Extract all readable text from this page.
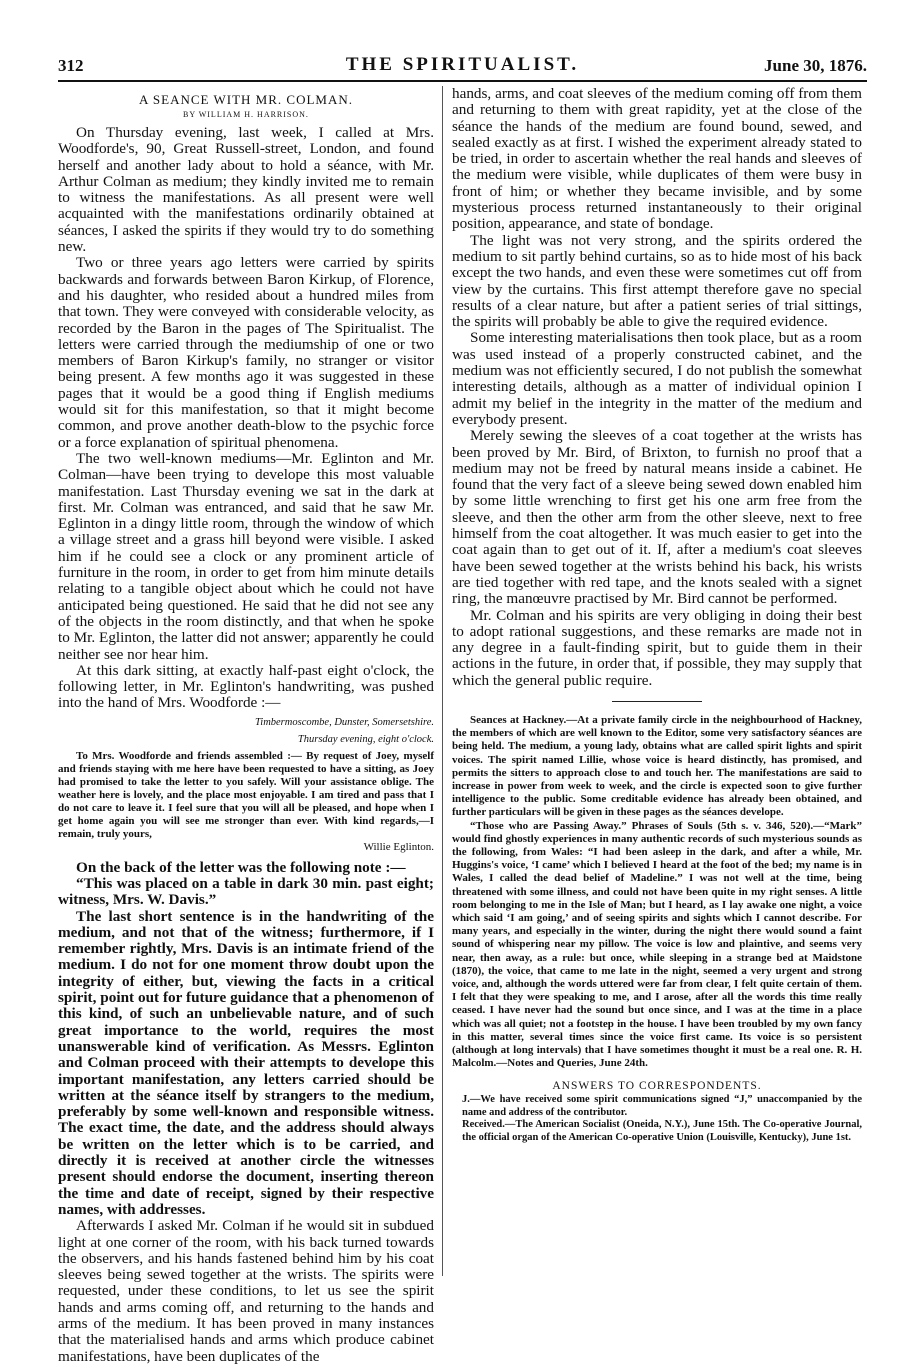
312	THE SPIRITUALIST.	June 30, 1876.
A SEANCE WITH MR. COLMAN.
BY WILLIAM H. HARRISON.

On Thursday evening, last week, I called at Mrs. Woodforde's, 90, Great Russell-street, London, and found herself and another lady about to hold a séance, with Mr. Arthur Colman as medium; they kindly invited me to remain to witness the manifestations. As all present were well acquainted with the manifestations ordinarily obtained at séances, I asked the spirits if they would try to do something new.

Two or three years ago letters were carried by spirits backwards and forwards between Baron Kirkup, of Florence, and his daughter, who resided about a hundred miles from that town. They were conveyed with considerable velocity, as recorded by the Baron in the pages of The Spiritualist. The letters were carried through the mediumship of one or two members of Baron Kirkup's family, no stranger or visitor being present. A few months ago it was suggested in these pages that it would be a good thing if English mediums would sit for this manifestation, so that it might become common, and prove another death-blow to the psychic force or a force explanation of spiritual phenomena.

The two well-known mediums—Mr. Eglinton and Mr. Colman—have been trying to develope this most valuable manifestation. Last Thursday evening we sat in the dark at first. Mr. Colman was entranced, and said that he saw Mr. Eglinton in a dingy little room, through the window of which a village street and a grass hill beyond were visible. I asked him if he could see a clock or any prominent article of furniture in the room, in order to get from him minute details relating to a tangible object about which he could not have anticipated being questioned. He said that he did not see any of the objects in the room distinctly, and that when he spoke to Mr. Eglinton, the latter did not answer; apparently he could neither see nor hear him.

At this dark sitting, at exactly half-past eight o'clock, the following letter, in Mr. Eglinton's handwriting, was pushed into the hand of Mrs. Woodforde :—

Timbermoscombe, Dunster, Somersetshire.

Thursday evening, eight o'clock.

To Mrs. Woodforde and friends assembled :— By request of Joey, myself and friends staying with me here have been requested to have a sitting, as Joey had promised to take the letter to you safely. Will your assistance oblige. The weather here is lovely, and the place most enjoyable. I am tired and pass that I do not care to leave it. I feel sure that you will all be pleased, and hope when I get home again you will see me stronger than ever. With kind regards,—I remain, truly yours,

Willie Eglinton.

On the back of the letter was the following note :—

“This was placed on a table in dark 30 min. past eight; witness, Mrs. W. Davis.”

The last short sentence is in the handwriting of the medium, and not that of the witness; furthermore, if I remember rightly, Mrs. Davis is an intimate friend of the medium. I do not for one moment throw doubt upon the integrity of either, but, viewing the facts in a critical spirit, point out for future guidance that a phenomenon of this kind, of such an unbelievable nature, and of such great importance to the world, requires the most unanswerable kind of verification. As Messrs. Eglinton and Colman proceed with their attempts to develope this important manifestation, any letters carried should be written at the séance itself by strangers to the medium, preferably by some well-known and responsible witness. The exact time, the date, and the address should always be written on the letter which is to be carried, and directly it is received at another circle the witnesses present should endorse the document, inserting thereon the time and date of receipt, signed by their respective names, with addresses.

Afterwards I asked Mr. Colman if he would sit in subdued light at one corner of the room, with his back turned towards the observers, and his hands fastened behind him by his coat sleeves being sewed together at the wrists. The spirits were requested, under these conditions, to let us see the spirit hands and arms coming off, and returning to the hands and arms of the medium. It has been proved in many instances that the materialised hands and arms which produce cabinet manifestations, have been duplicates of the

hands, arms, and coat sleeves of the medium coming off from them and returning to them with great rapidity, yet at the close of the séance the hands of the medium are found bound, sewed, and sealed exactly as at first. I wished the experiment already stated to be tried, in order to ascertain whether the real hands and sleeves of the medium were visible, while duplicates of them were busy in front of him; or whether they became invisible, and by some mysterious process returned instantaneously to their original position, appearance, and state of bondage.

The light was not very strong, and the spirits ordered the medium to sit partly behind curtains, so as to hide most of his back except the two hands, and even these were sometimes cut off from view by the curtains. This first attempt therefore gave no special results of a clear nature, but after a patient series of trial sittings, the spirits will probably be able to give the required evidence.

Some interesting materialisations then took place, but as a room was used instead of a properly constructed cabinet, and the medium was not efficiently secured, I do not publish the somewhat interesting details, although as a matter of individual opinion I admit my belief in the integrity in the matter of the medium and everybody present.

Merely sewing the sleeves of a coat together at the wrists has been proved by Mr. Bird, of Brixton, to furnish no proof that a medium may not be freed by natural means inside a cabinet. He found that the very fact of a sleeve being sewed down enabled him by some little wrenching to first get his one arm free from the sleeve, and then the other arm from the other sleeve, next to free himself from the coat altogether. It was much easier to get into the coat again than to get out of it. If, after a medium's coat sleeves have been sewed together at the wrists behind his back, his wrists are tied together with red tape, and the knots sealed with a signet ring, the manœuvre practised by Mr. Bird cannot be performed.

Mr. Colman and his spirits are very obliging in doing their best to adopt rational suggestions, and these remarks are made not in any degree in a fault-finding spirit, but to guide them in their actions in the future, in order that, if possible, they may supply that which the general public require.

Seances at Hackney.—At a private family circle in the neighbourhood of Hackney, the members of which are well known to the Editor, some very satisfactory séances are being held. The medium, a young lady, obtains what are called spirit lights and spirit voices. The spirit named Lillie, whose voice is heard distinctly, has promised, and permits the sitters to approach close to and touch her. The manifestations are said to increase in power from week to week, and the circle is expected soon to give further intelligence to the public. Some creditable evidence has already been obtained, and further particulars will be given in these pages as the séances develope.

“Those who are Passing Away.” Phrases of Souls (5th s. v. 346, 520).—“Mark” would find ghostly experiences in many authentic records of such mysterious sounds as the following, from Wales: “I had been asleep in the dark, and after a while, Mr. Huggins's voice, ‘I came’ which I believed I heard at the foot of the bed; my name is in Wales, I called the dead belief of Madeline.” I was not well at the time, being threatened with some illness, and could not have been quite in my right senses. A little room belonging to me in the Isle of Man; but I heard, as I lay awake one night, a voice which said ‘I am going,’ and of seeing spirits and sights which I cannot describe. For many years, and especially in the winter, during the night there would sound a faint sound of whispering near my pillow. The voice is low and plaintive, and seems very near, then away, as a rule: but once, while sleeping in a strange bed at Maidstone (1870), the voice, that came to me late in the night, seemed a very urgent and strong voice, and, although the words uttered were far from clear, I felt quite certain of them. I felt that they were speaking to me, and I arose, after all the words this time really ceased. I have never had the sound but once since, and I was at the time in a place which was all quiet; not a footstep in the house. I have been troubled by my own fancy in this matter, several times since the voice first came. Its voice is so persistent (although at long intervals) that I have sometimes thought it must be a real one. R. H. Malcolm.—Notes and Queries, June 24th.

ANSWERS TO CORRESPONDENTS.

J.—We have received some spirit communications signed “J,” unaccompanied by the name and address of the contributor.

Received.—The American Socialist (Oneida, N.Y.), June 15th. The Co-operative Journal, the official organ of the American Co-operative Union (Louisville, Kentucky), June 1st.
